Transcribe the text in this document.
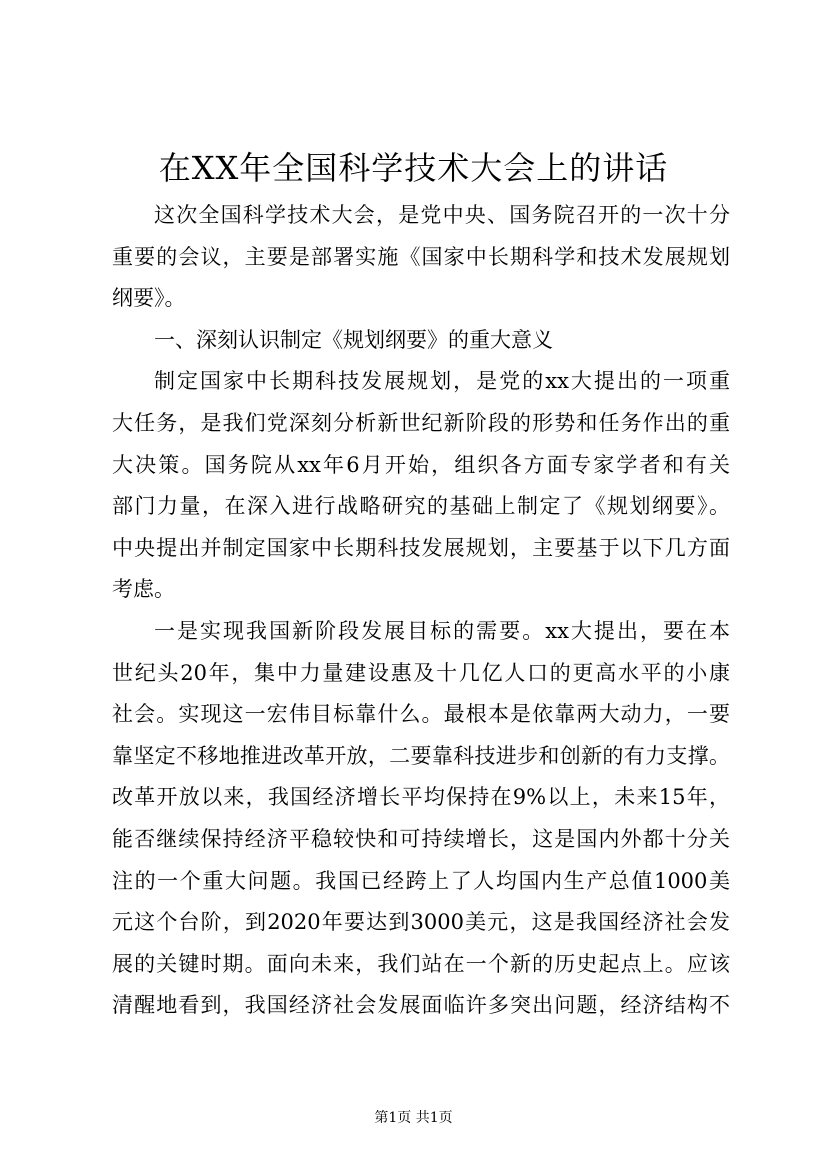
在XX年全国科学技术大会上的讲话
这次全国科学技术大会，是党中央、国务院召开的一次十分
重要的会议，主要是部署实施《国家中长期科学和技术发展规划
纲要》。
一、深刻认识制定《规划纲要》的重大意义
制定国家中长期科技发展规划，是党的xx大提出的一项重
大任务，是我们党深刻分析新世纪新阶段的形势和任务作出的重
大决策。国务院从xx年6月开始，组织各方面专家学者和有关
部门力量，在深入进行战略研究的基础上制定了《规划纲要》。
中央提出并制定国家中长期科技发展规划，主要基于以下几方面
考虑。
一是实现我国新阶段发展目标的需要。xx大提出，要在本
世纪头20年，集中力量建设惠及十几亿人口的更高水平的小康
社会。实现这一宏伟目标靠什么。最根本是依靠两大动力，一要
靠坚定不移地推进改革开放，二要靠科技进步和创新的有力支撑。
改革开放以来，我国经济增长平均保持在9%以上，未来15年，
能否继续保持经济平稳较快和可持续增长，这是国内外都十分关
注的一个重大问题。我国已经跨上了人均国内生产总值1000美
元这个台阶，到2020年要达到3000美元，这是我国经济社会发
展的关键时期。面向未来，我们站在一个新的历史起点上。应该
清醒地看到，我国经济社会发展面临许多突出问题，经济结构不
第1页 共1页
